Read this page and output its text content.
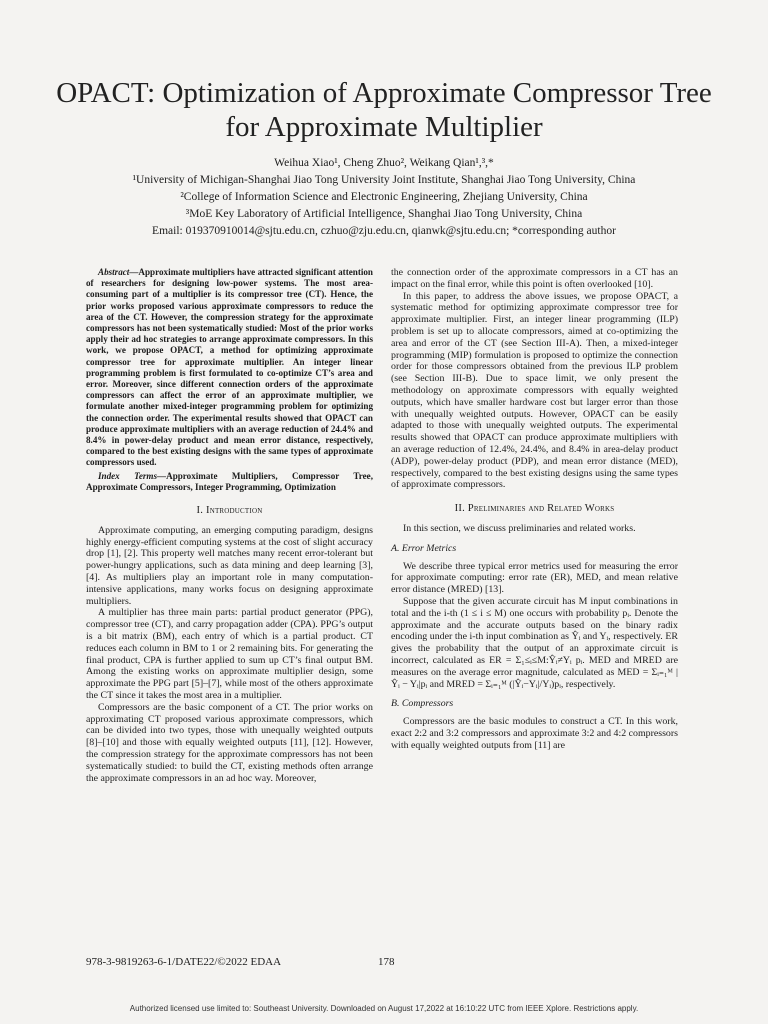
OPACT: Optimization of Approximate Compressor Tree for Approximate Multiplier
Weihua Xiao¹, Cheng Zhuo², Weikang Qian¹,³,*
¹University of Michigan-Shanghai Jiao Tong University Joint Institute, Shanghai Jiao Tong University, China
²College of Information Science and Electronic Engineering, Zhejiang University, China
³MoE Key Laboratory of Artificial Intelligence, Shanghai Jiao Tong University, China
Email: 019370910014@sjtu.edu.cn, czhuo@zju.edu.cn, qianwk@sjtu.edu.cn; *corresponding author

Abstract—Approximate multipliers have attracted significant attention of researchers for designing low-power systems. The most area-consuming part of a multiplier is its compressor tree (CT). Hence, the prior works proposed various approximate compressors to reduce the area of the CT. However, the compression strategy for the approximate compressors has not been systematically studied: Most of the prior works apply their ad hoc strategies to arrange approximate compressors. In this work, we propose OPACT, a method for optimizing approximate compressor tree for approximate multiplier. An integer linear programming problem is first formulated to co-optimize CT’s area and error. Moreover, since different connection orders of the approximate compressors can affect the error of an approximate multiplier, we formulate another mixed-integer programming problem for optimizing the connection order. The experimental results showed that OPACT can produce approximate multipliers with an average reduction of 24.4% and 8.4% in power-delay product and mean error distance, respectively, compared to the best existing designs with the same types of approximate compressors used.

Index Terms—Approximate Multipliers, Compressor Tree, Approximate Compressors, Integer Programming, Optimization

I. Introduction

Approximate computing, an emerging computing paradigm, designs highly energy-efficient computing systems at the cost of slight accuracy drop [1], [2]. This property well matches many recent error-tolerant but power-hungry applications, such as data mining and deep learning [3], [4]. As multipliers play an important role in many computation-intensive applications, many works focus on designing approximate multipliers.

A multiplier has three main parts: partial product generator (PPG), compressor tree (CT), and carry propagation adder (CPA). PPG’s output is a bit matrix (BM), each entry of which is a partial product. CT reduces each column in BM to 1 or 2 remaining bits. For generating the final product, CPA is further applied to sum up CT’s final output BM. Among the existing works on approximate multiplier design, some approximate the PPG part [5]–[7], while most of the others approximate the CT since it takes the most area in a multiplier.

Compressors are the basic component of a CT. The prior works on approximating CT proposed various approximate compressors, which can be divided into two types, those with unequally weighted outputs [8]–[10] and those with equally weighted outputs [11], [12]. However, the compression strategy for the approximate compressors has not been systematically studied: to build the CT, existing methods often arrange the approximate compressors in an ad hoc way. Moreover,

the connection order of the approximate compressors in a CT has an impact on the final error, while this point is often overlooked [10].

In this paper, to address the above issues, we propose OPACT, a systematic method for optimizing approximate compressor tree for approximate multiplier. First, an integer linear programming (ILP) problem is set up to allocate compressors, aimed at co-optimizing the area and error of the CT (see Section III-A). Then, a mixed-integer programming (MIP) formulation is proposed to optimize the connection order for those compressors obtained from the previous ILP problem (see Section III-B). Due to space limit, we only present the methodology on approximate compressors with equally weighted outputs, which have smaller hardware cost but larger error than those with unequally weighted outputs. However, OPACT can be easily adapted to those with unequally weighted outputs. The experimental results showed that OPACT can produce approximate multipliers with an average reduction of 12.4%, 24.4%, and 8.4% in area-delay product (ADP), power-delay product (PDP), and mean error distance (MED), respectively, compared to the best existing designs using the same types of approximate compressors.

II. Preliminaries and Related Works

In this section, we discuss preliminaries and related works.

A. Error Metrics

We describe three typical error metrics used for measuring the error for approximate computing: error rate (ER), MED, and mean relative error distance (MRED) [13].

Suppose that the given accurate circuit has M input combinations in total and the i-th (1 ≤ i ≤ M) one occurs with probability pᵢ. Denote the approximate and the accurate outputs based on the binary radix encoding under the i-th input combination as Ŷᵢ and Yᵢ, respectively. ER gives the probability that the output of an approximate circuit is incorrect, calculated as ER = Σ₁≤ᵢ≤M:Ŷᵢ≠Yᵢ pᵢ. MED and MRED are measures on the average error magnitude, calculated as MED = Σᵢ₌₁ᴹ |Ŷᵢ − Yᵢ|pᵢ and MRED = Σᵢ₌₁ᴹ (|Ŷᵢ−Yᵢ|/Yᵢ)pᵢ, respectively.

B. Compressors

Compressors are the basic modules to construct a CT. In this work, exact 2:2 and 3:2 compressors and approximate 3:2 and 4:2 compressors with equally weighted outputs from [11] are

978-3-9819263-6-1/DATE22/©2022 EDAA	178
Authorized licensed use limited to: Southeast University. Downloaded on August 17,2022 at 16:10:22 UTC from IEEE Xplore. Restrictions apply.
